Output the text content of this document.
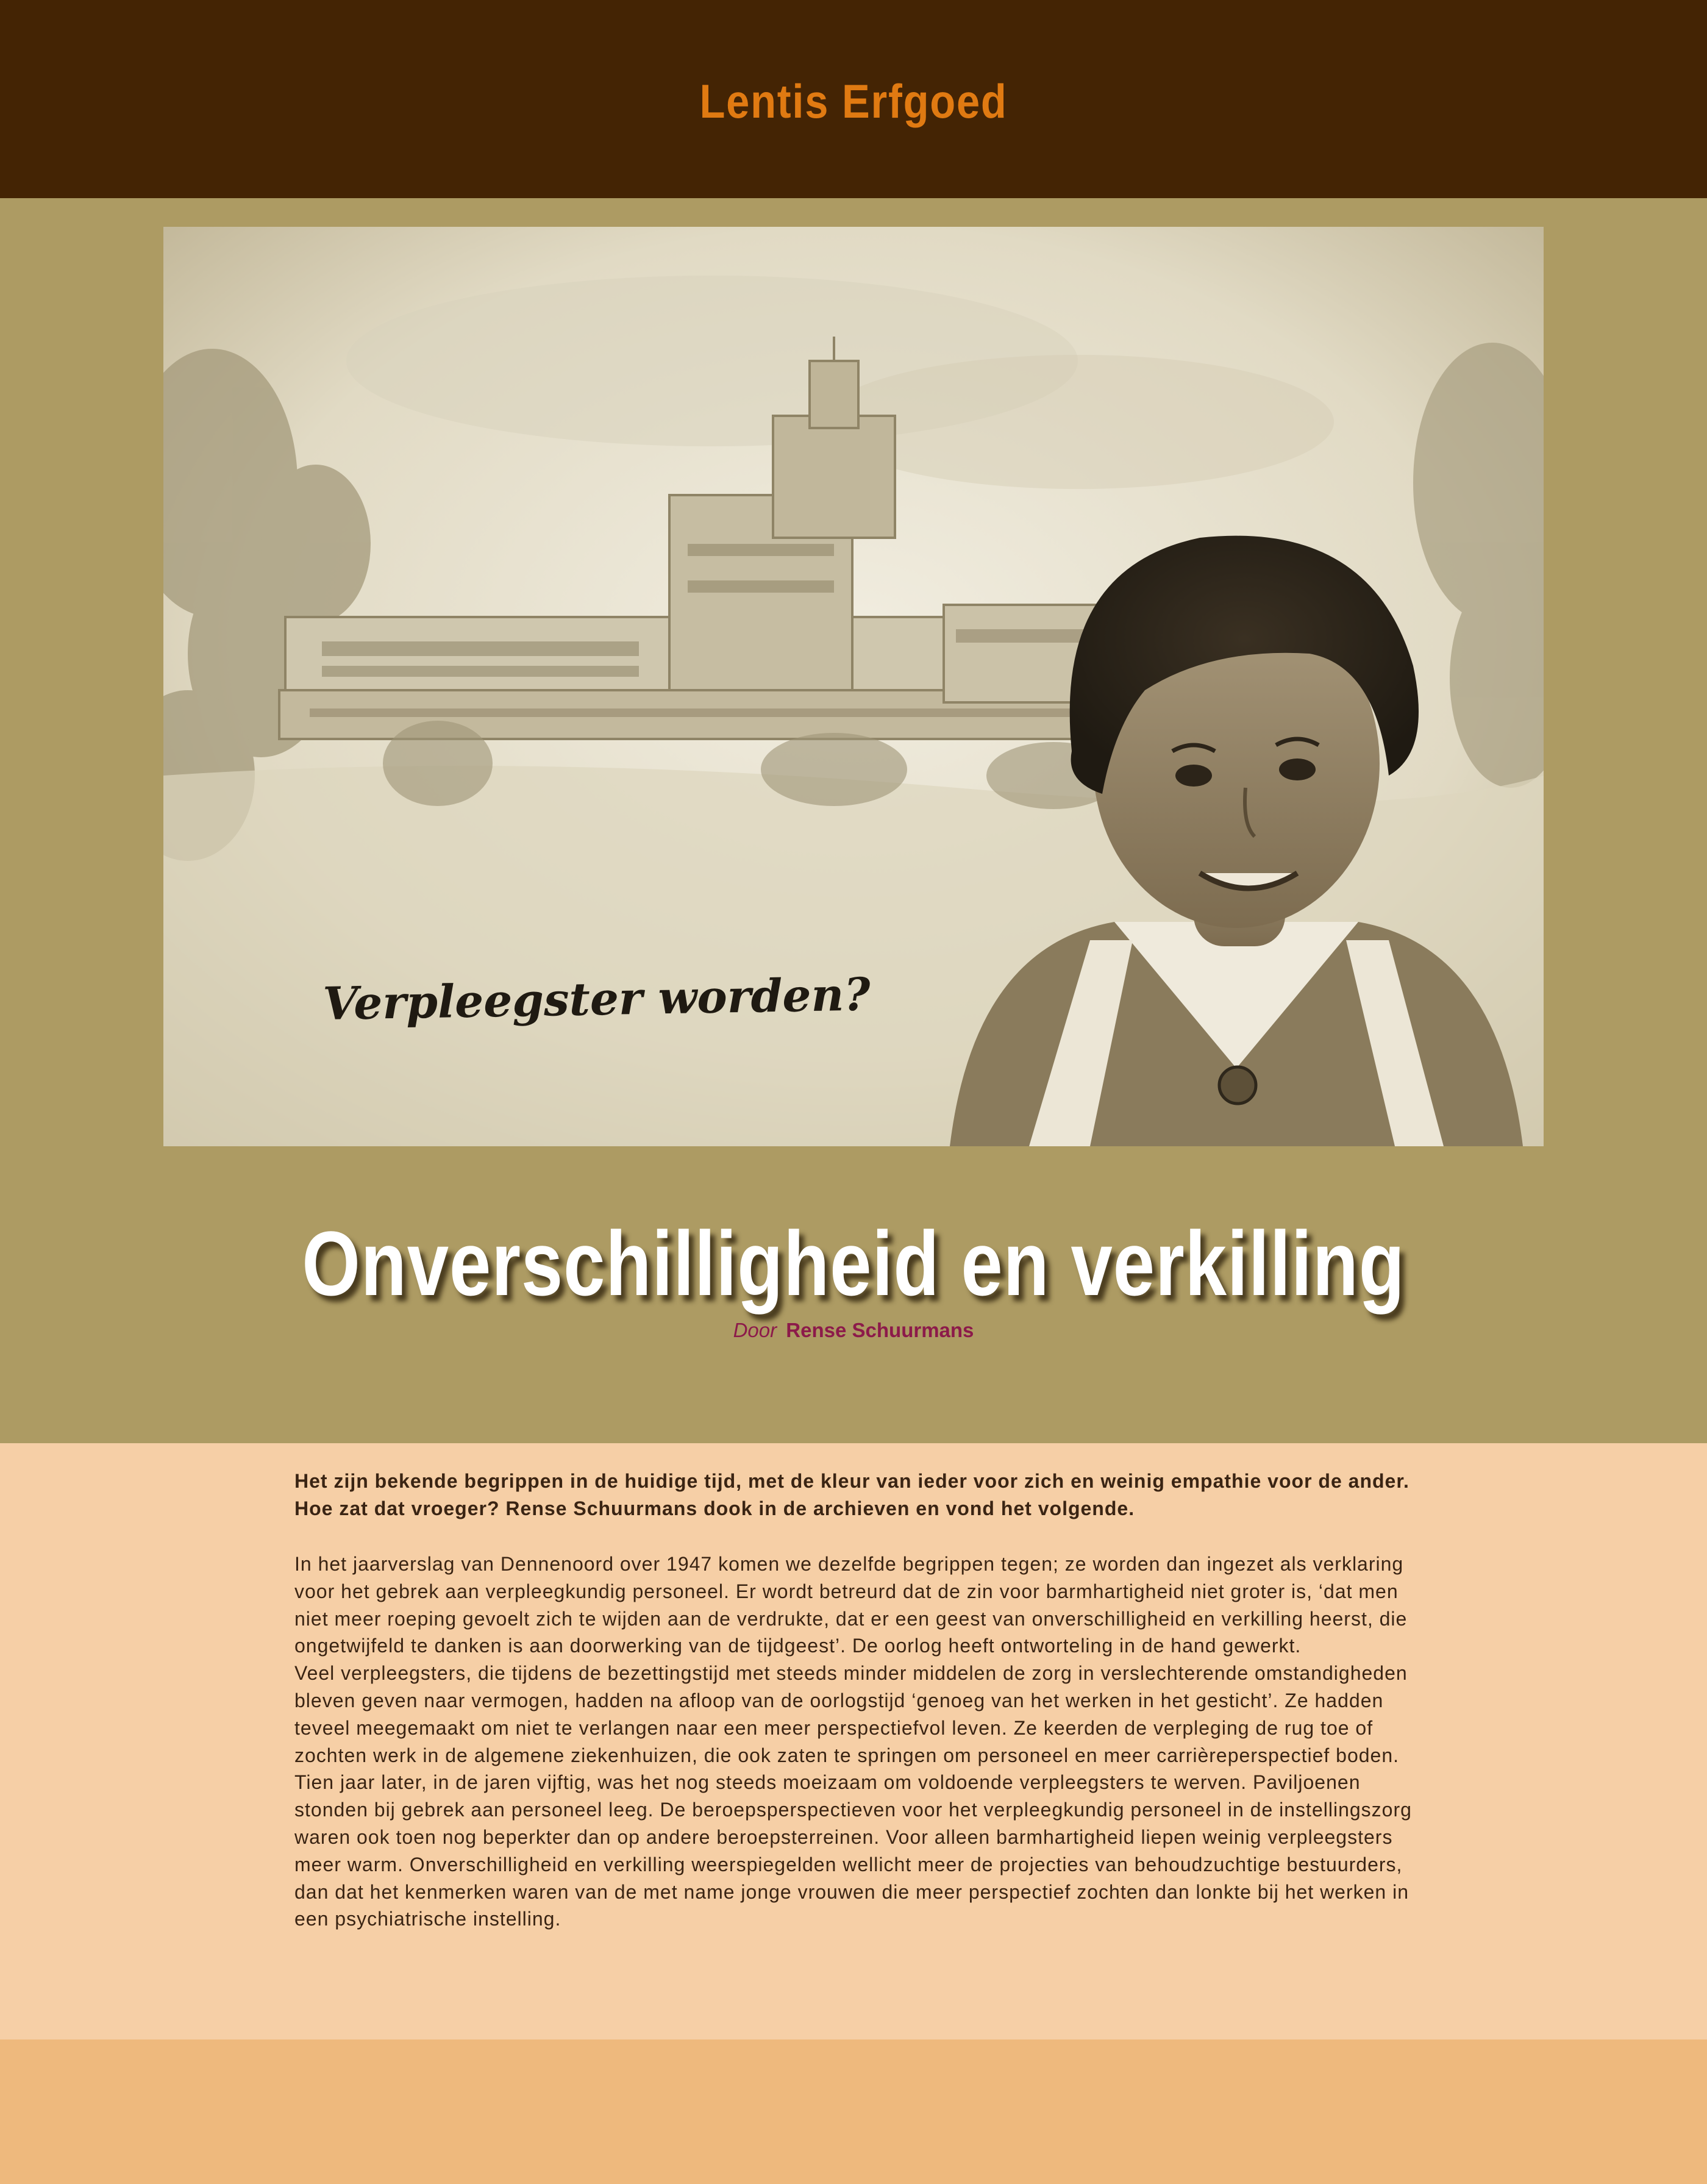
Lentis Erfgoed
Verpleegster worden?
Onverschilligheid en verkilling
Door Rense Schuurmans

Het zijn bekende begrippen in de huidige tijd, met de kleur van ieder voor zich en weinig empathie voor de ander. Hoe zat dat vroeger? Rense Schuurmans dook in de archieven en vond het volgende.

In het jaarverslag van Dennenoord over 1947 komen we dezelfde begrippen tegen; ze worden dan ingezet als verklaring voor het gebrek aan verpleegkundig personeel. Er wordt betreurd dat de zin voor barmhartigheid niet groter is, ‘dat men niet meer roeping gevoelt zich te wijden aan de verdrukte, dat er een geest van onverschilligheid en verkilling heerst, die ongetwijfeld te danken is aan doorwerking van de tijdgeest’. De oorlog heeft ontworteling in de hand gewerkt.

Veel verpleegsters, die tijdens de bezettingstijd met steeds minder middelen de zorg in verslechterende omstandigheden bleven geven naar vermogen, hadden na afloop van de oorlogstijd ‘genoeg van het werken in het gesticht’. Ze hadden teveel meegemaakt om niet te verlangen naar een meer perspectiefvol leven. Ze keerden de verpleging de rug toe of zochten werk in de algemene ziekenhuizen, die ook zaten te springen om personeel en meer carrièreperspectief boden. Tien jaar later, in de jaren vijftig, was het nog steeds moeizaam om voldoende verpleegsters te werven. Paviljoenen stonden bij gebrek aan personeel leeg. De beroepsperspectieven voor het verpleegkundig personeel in de instellingszorg waren ook toen nog beperkter dan op andere beroepsterreinen. Voor alleen barmhartigheid liepen weinig verpleegsters meer warm. Onverschilligheid en verkilling weerspiegelden wellicht meer de projecties van behoudzuchtige bestuurders, dan dat het kenmerken waren van de met name jonge vrouwen die meer perspectief zochten dan lonkte bij het werken in een psychiatrische instelling.
